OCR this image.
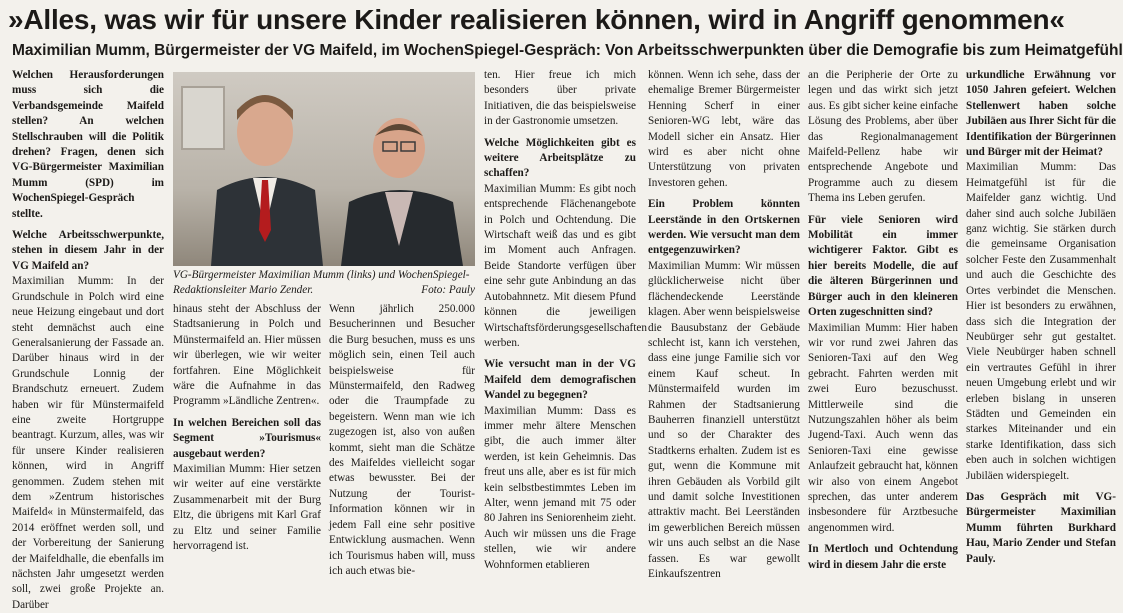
»Alles, was wir für unsere Kinder realisieren können, wird in Angriff genommen«
Maximilian Mumm, Bürgermeister der VG Maifeld, im WochenSpiegel-Gespräch: Von Arbeitsschwerpunkten über die Demografie bis zum Heimatgefühl

Welchen Herausforderungen muss sich die Verbandsgemeinde Maifeld stellen? An welchen Stellschrauben will die Politik drehen? Fragen, denen sich VG-Bürgermeister Maximilian Mumm (SPD) im WochenSpiegel-Gespräch stellte.

Welche Arbeitsschwerpunkte, stehen in diesem Jahr in der VG Maifeld an?

Maximilian Mumm: In der Grundschule in Polch wird eine neue Heizung eingebaut und dort steht demnächst auch eine Generalsanierung der Fassade an. Darüber hinaus wird in der Grundschule Lonnig der Brandschutz erneuert. Zudem haben wir für Münstermaifeld eine zweite Hortgruppe beantragt. Kurzum, alles, was wir für unsere Kinder realisieren können, wird in Angriff genommen. Zudem stehen mit dem »Zentrum historisches Maifeld« in Münstermaifeld, das 2014 eröffnet werden soll, und der Vorbereitung der Sanierung der Maifeldhalle, die ebenfalls im nächsten Jahr umgesetzt werden soll, zwei große Projekte an. Darüber

VG-Bürgermeister Maximilian Mumm (links) und WochenSpiegel-Redaktionsleiter Mario Zender.	Foto: Pauly

hinaus steht der Abschluss der Stadtsanierung in Polch und Münstermaifeld an. Hier müssen wir überlegen, wie wir weiter fortfahren. Eine Möglichkeit wäre die Aufnahme in das Programm »Ländliche Zentren«.

In welchen Bereichen soll das Segment »Tourismus« ausgebaut werden?

Maximilian Mumm: Hier setzen wir weiter auf eine verstärkte Zusammenarbeit mit der Burg Eltz, die übrigens mit Karl Graf zu Eltz und seiner Familie hervorragend ist.

Wenn jährlich 250.000 Besucherinnen und Besucher die Burg besuchen, muss es uns möglich sein, einen Teil auch beispielsweise für Münstermaifeld, den Radweg oder die Traumpfade zu begeistern. Wenn man wie ich zugezogen ist, also von außen kommt, sieht man die Schätze des Maifeldes vielleicht sogar etwas bewusster. Bei der Nutzung der Tourist-Information können wir in jedem Fall eine sehr positive Entwicklung ausmachen. Wenn ich Tourismus haben will, muss ich auch etwas bie-

ten. Hier freue ich mich besonders über private Initiativen, die das beispielsweise in der Gastronomie umsetzen.

Welche Möglichkeiten gibt es weitere Arbeitsplätze zu schaffen?

Maximilian Mumm: Es gibt noch entsprechende Flächenangebote in Polch und Ochtendung. Die Wirtschaft weiß das und es gibt im Moment auch Anfragen. Beide Standorte verfügen über eine sehr gute Anbindung an das Autobahnnetz. Mit diesem Pfund können die jeweiligen Wirtschaftsförderungsgesellschaften werben.

Wie versucht man in der VG Maifeld dem demografischen Wandel zu begegnen?

Maximilian Mumm: Dass es immer mehr ältere Menschen gibt, die auch immer älter werden, ist kein Geheimnis. Das freut uns alle, aber es ist für mich kein selbstbestimmtes Leben im Alter, wenn jemand mit 75 oder 80 Jahren ins Seniorenheim zieht. Auch wir müssen uns die Frage stellen, wie wir andere Wohnformen etablieren

können. Wenn ich sehe, dass der ehemalige Bremer Bürgermeister Henning Scherf in einer Senioren-WG lebt, wäre das Modell sicher ein Ansatz. Hier wird es aber nicht ohne Unterstützung von privaten Investoren gehen.

Ein Problem könnten Leerstände in den Ortskernen werden. Wie versucht man dem entgegenzuwirken?

Maximilian Mumm: Wir müssen glücklicherweise nicht über flächendeckende Leerstände klagen. Aber wenn beispielsweise die Bausubstanz der Gebäude schlecht ist, kann ich verstehen, dass eine junge Familie sich vor einem Kauf scheut. In Münstermaifeld wurden im Rahmen der Stadtsanierung Bauherren finanziell unterstützt und so der Charakter des Stadtkerns erhalten. Zudem ist es gut, wenn die Kommune mit ihren Gebäuden als Vorbild gilt und damit solche Investitionen attraktiv macht. Bei Leerständen im gewerblichen Bereich müssen wir uns auch selbst an die Nase fassen. Es war gewollt Einkaufszentren

an die Peripherie der Orte zu legen und das wirkt sich jetzt aus. Es gibt sicher keine einfache Lösung des Problems, aber über das Regionalmanagement Maifeld-Pellenz habe wir entsprechende Angebote und Programme auch zu diesem Thema ins Leben gerufen.

Für viele Senioren wird Mobilität ein immer wichtigerer Faktor. Gibt es hier bereits Modelle, die auf die älteren Bürgerinnen und Bürger auch in den kleineren Orten zugeschnitten sind?

Maximilian Mumm: Hier haben wir vor rund zwei Jahren das Senioren-Taxi auf den Weg gebracht. Fahrten werden mit zwei Euro bezuschusst. Mittlerweile sind die Nutzungszahlen höher als beim Jugend-Taxi. Auch wenn das Senioren-Taxi eine gewisse Anlaufzeit gebraucht hat, können wir also von einem Angebot sprechen, das unter anderem insbesondere für Arztbesuche angenommen wird.

In Mertloch und Ochtendung wird in diesem Jahr die erste

urkundliche Erwähnung vor 1050 Jahren gefeiert. Welchen Stellenwert haben solche Jubiläen aus Ihrer Sicht für die Identifikation der Bürgerinnen und Bürger mit der Heimat?

Maximilian Mumm: Das Heimatgefühl ist für die Maifelder ganz wichtig. Und daher sind auch solche Jubiläen ganz wichtig. Sie stärken durch die gemeinsame Organisation solcher Feste den Zusammenhalt und auch die Geschichte des Ortes verbindet die Menschen. Hier ist besonders zu erwähnen, dass sich die Integration der Neubürger sehr gut gestaltet. Viele Neubürger haben schnell ein vertrautes Gefühl in ihrer neuen Umgebung erlebt und wir erleben bislang in unseren Städten und Gemeinden ein starkes Miteinander und ein starke Identifikation, dass sich eben auch in solchen wichtigen Jubiläen widerspiegelt.

Das Gespräch mit VG-Bürgermeister Maximilian Mumm führten Burkhard Hau, Mario Zender und Stefan Pauly.
